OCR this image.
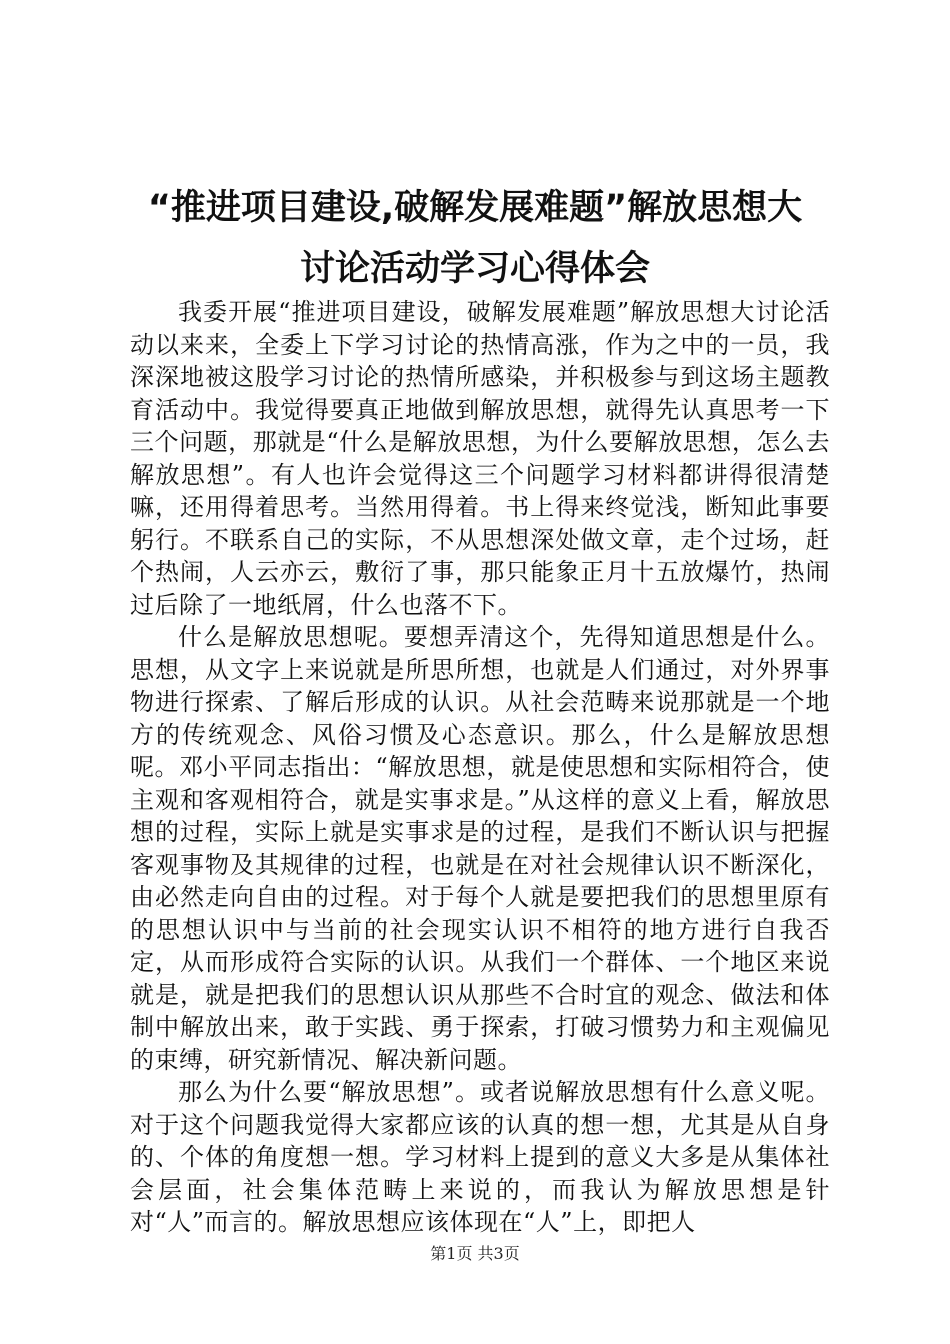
“推进项目建设,破解发展难题”解放思想大
讨论活动学习心得体会

我委开展“推进项目建设，破解发展难题”解放思想大讨论活动以来来，全委上下学习讨论的热情高涨，作为之中的一员，我深深地被这股学习讨论的热情所感染，并积极参与到这场主题教育活动中。我觉得要真正地做到解放思想，就得先认真思考一下三个问题，那就是“什么是解放思想，为什么要解放思想，怎么去解放思想”。有人也许会觉得这三个问题学习材料都讲得很清楚嘛，还用得着思考。当然用得着。书上得来终觉浅，断知此事要躬行。不联系自己的实际，不从思想深处做文章，走个过场，赶个热闹，人云亦云，敷衍了事，那只能象正月十五放爆竹，热闹过后除了一地纸屑，什么也落不下。

什么是解放思想呢。要想弄清这个，先得知道思想是什么。思想，从文字上来说就是所思所想，也就是人们通过，对外界事物进行探索、了解后形成的认识。从社会范畴来说那就是一个地方的传统观念、风俗习惯及心态意识。那么，什么是解放思想呢。邓小平同志指出：“解放思想，就是使思想和实际相符合，使主观和客观相符合，就是实事求是。”从这样的意义上看，解放思想的过程，实际上就是实事求是的过程，是我们不断认识与把握客观事物及其规律的过程，也就是在对社会规律认识不断深化，由必然走向自由的过程。对于每个人就是要把我们的思想里原有的思想认识中与当前的社会现实认识不相符的地方进行自我否定，从而形成符合实际的认识。从我们一个群体、一个地区来说就是，就是把我们的思想认识从那些不合时宜的观念、做法和体制中解放出来，敢于实践、勇于探索，打破习惯势力和主观偏见的束缚，研究新情况、解决新问题。

那么为什么要“解放思想”。或者说解放思想有什么意义呢。对于这个问题我觉得大家都应该的认真的想一想，尤其是从自身的、个体的角度想一想。学习材料上提到的意义大多是从集体社会层面，社会集体范畴上来说的，而我认为解放思想是针对“人”而言的。解放思想应该体现在“人”上，即把人

第1页 共3页
